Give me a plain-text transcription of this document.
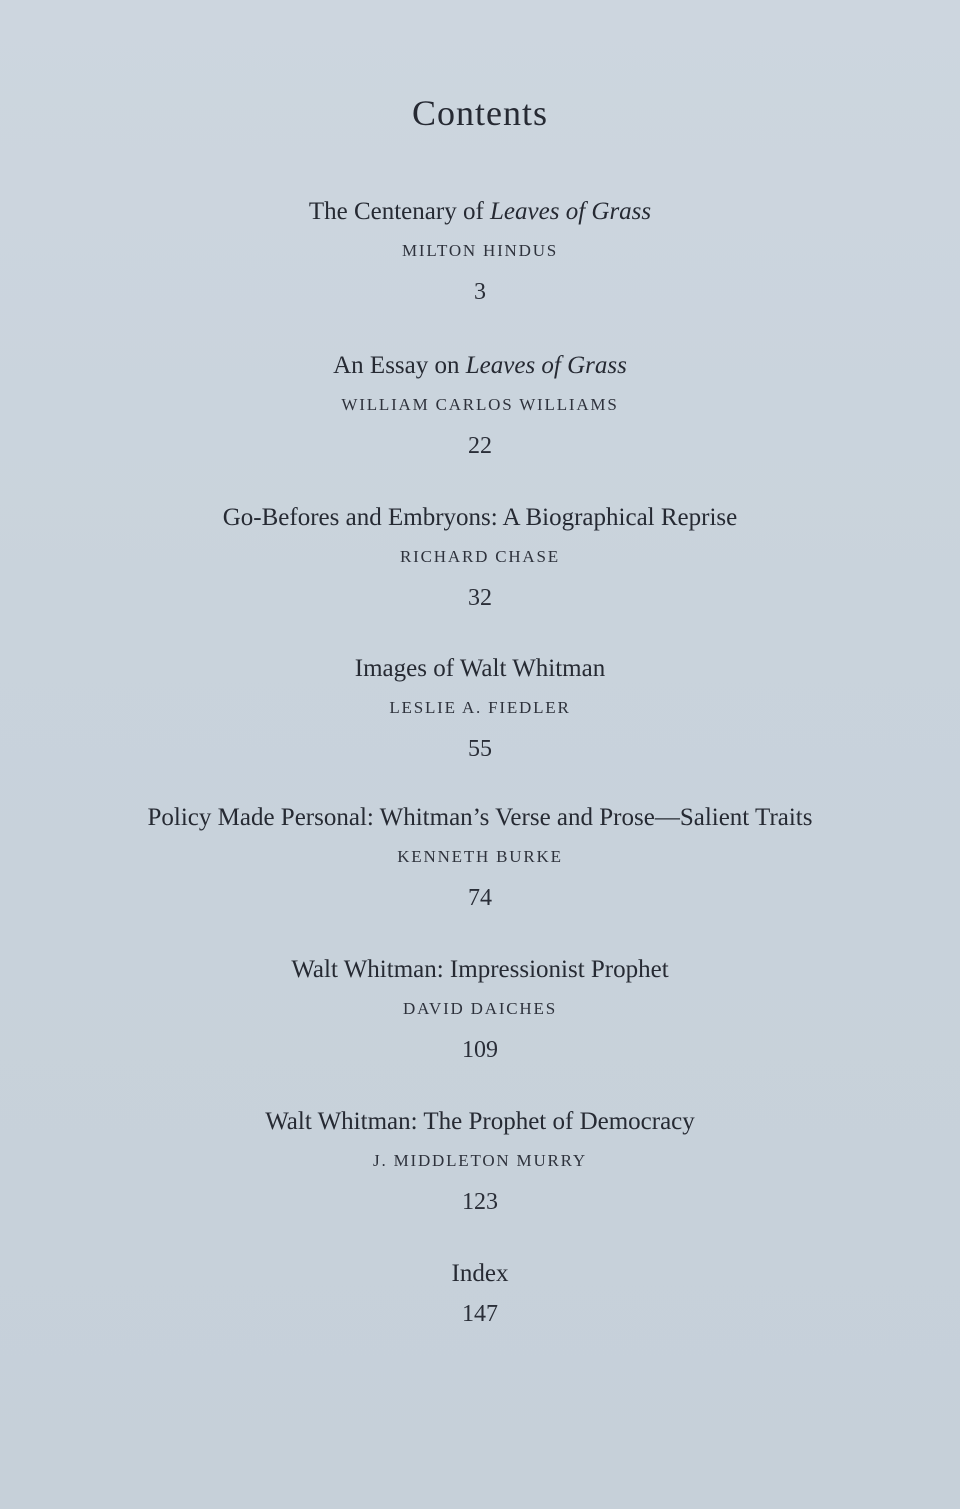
Contents
The Centenary of Leaves of Grass
MILTON HINDUS
3
An Essay on Leaves of Grass
WILLIAM CARLOS WILLIAMS
22
Go-Befores and Embryons: A Biographical Reprise
RICHARD CHASE
32
Images of Walt Whitman
LESLIE A. FIEDLER
55
Policy Made Personal: Whitman’s Verse and Prose—Salient Traits
KENNETH BURKE
74
Walt Whitman: Impressionist Prophet
DAVID DAICHES
109
Walt Whitman: The Prophet of Democracy
J. MIDDLETON MURRY
123
Index
147
